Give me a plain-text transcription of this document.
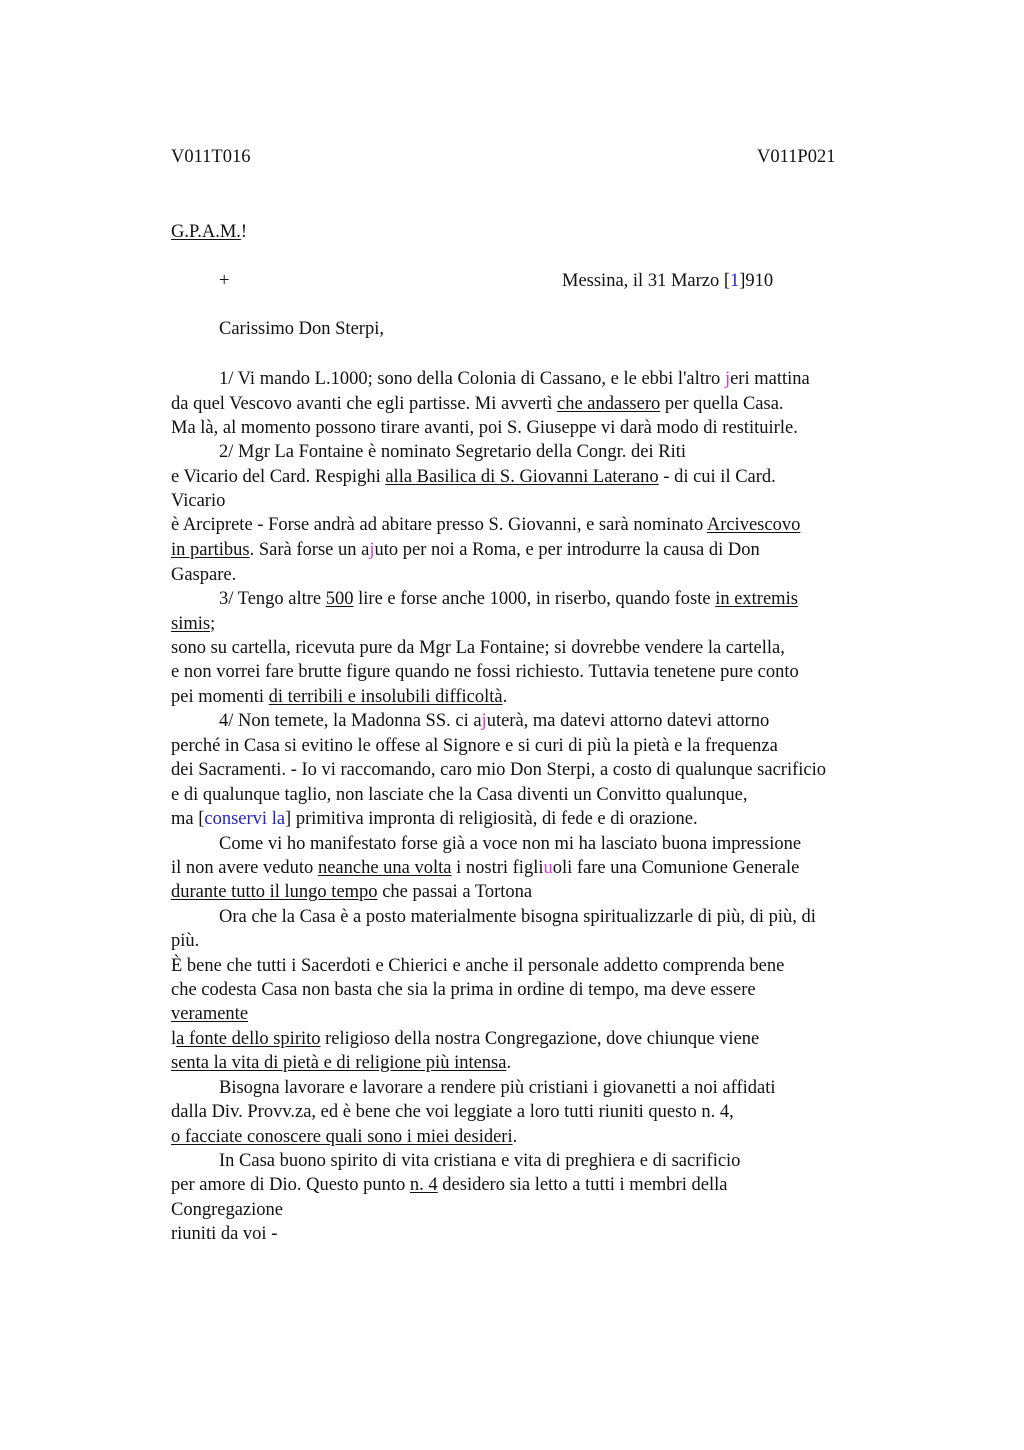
V011T016	V011P021
G.P.A.M.!
+	Messina, il 31 Marzo [1]910
Carissimo Don Sterpi,
1/ Vi mando L.1000; sono della Colonia di Cassano, e le ebbi l'altro jeri mattina
da quel Vescovo avanti che egli partisse. Mi avvertì che andassero per quella Casa.
Ma là, al momento possono tirare avanti, poi S. Giuseppe vi darà modo di restituirle.
2/ Mgr La Fontaine è nominato Segretario della Congr. dei Riti
e Vicario del Card. Respighi alla Basilica di S. Giovanni Laterano - di cui il Card.
Vicario
è Arciprete - Forse andrà ad abitare presso S. Giovanni, e sarà nominato Arcivescovo
in partibus. Sarà forse un ajuto per noi a Roma, e per introdurre la causa di Don
Gaspare.
3/ Tengo altre 500 lire e forse anche 1000, in riserbo, quando foste in extremis
simis;
sono su cartella, ricevuta pure da Mgr La Fontaine; si dovrebbe vendere la cartella,
e non vorrei fare brutte figure quando ne fossi richiesto. Tuttavia tenetene pure conto
pei momenti di terribili e insolubili difficoltà.
4/ Non temete, la Madonna SS. ci ajuterà, ma datevi attorno datevi attorno
perché in Casa si evitino le offese al Signore e si curi di più la pietà e la frequenza
dei Sacramenti. - Io vi raccomando, caro mio Don Sterpi, a costo di qualunque sacrificio
e di qualunque taglio, non lasciate che la Casa diventi un Convitto qualunque,
ma [conservi la] primitiva impronta di religiosità, di fede e di orazione.
Come vi ho manifestato forse già a voce non mi ha lasciato buona impressione
il non avere veduto neanche una volta i nostri figliuoli fare una Comunione Generale
durante tutto il lungo tempo che passai a Tortona
Ora che la Casa è a posto materialmente bisogna spiritualizzarle di più, di più, di
più.
È bene che tutti i Sacerdoti e Chierici e anche il personale addetto comprenda bene
che codesta Casa non basta che sia la prima in ordine di tempo, ma deve essere
veramente
la fonte dello spirito religioso della nostra Congregazione, dove chiunque viene
senta la vita di pietà e di religione più intensa.
Bisogna lavorare e lavorare a rendere più cristiani i giovanetti a noi affidati
dalla Div. Provv.za, ed è bene che voi leggiate a loro tutti riuniti questo n. 4,
o facciate conoscere quali sono i miei desideri.
In Casa buono spirito di vita cristiana e vita di preghiera e di sacrificio
per amore di Dio. Questo punto n. 4 desidero sia letto a tutti i membri della
Congregazione
riuniti da voi -
